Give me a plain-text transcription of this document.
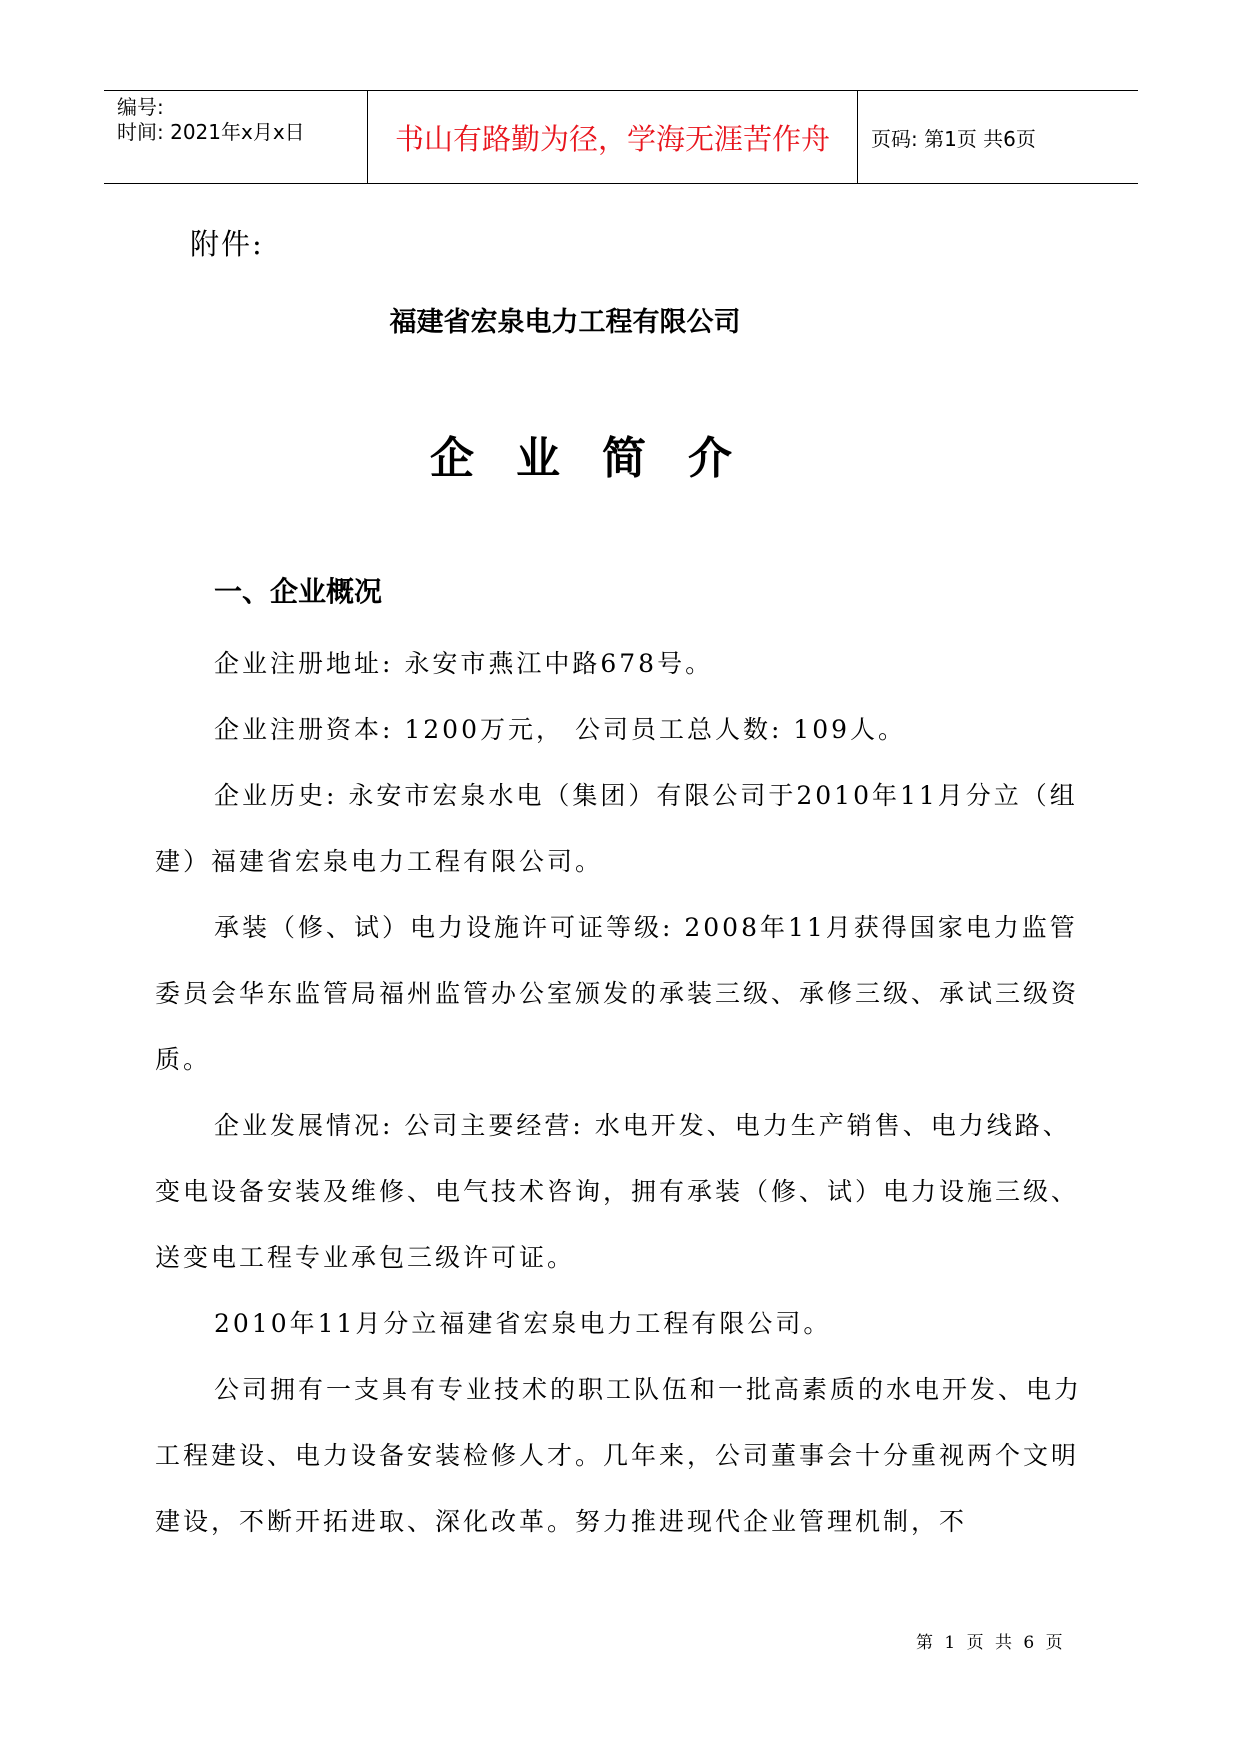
编号:
时间: 2021年x月x日	书山有路勤为径，学海无涯苦作舟	页码: 第1页 共6页
附件:
福建省宏泉电力工程有限公司
企业简介
一、企业概况

企业注册地址: 永安市燕江中路678号。

企业注册资本: 1200万元， 公司员工总人数: 109人。

企业历史: 永安市宏泉水电（集团）有限公司于2010年11月分立（组建）福建省宏泉电力工程有限公司。

承装（修、试）电力设施许可证等级: 2008年11月获得国家电力监管委员会华东监管局福州监管办公室颁发的承装三级、承修三级、承试三级资质。

企业发展情况: 公司主要经营: 水电开发、电力生产销售、电力线路、变电设备安装及维修、电气技术咨询，拥有承装（修、试）电力设施三级、送变电工程专业承包三级许可证。

2010年11月分立福建省宏泉电力工程有限公司。

公司拥有一支具有专业技术的职工队伍和一批高素质的水电开发、电力工程建设、电力设备安装检修人才。几年来，公司董事会十分重视两个文明建设，不断开拓进取、深化改革。努力推进现代企业管理机制，不

第 1 页 共 6 页
